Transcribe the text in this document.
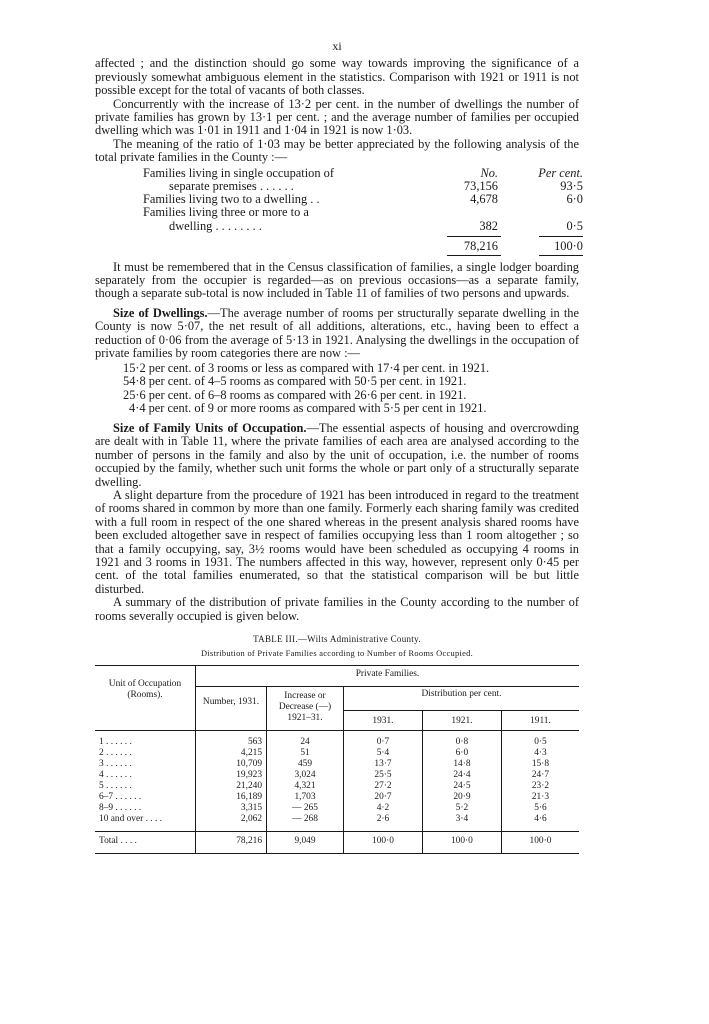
xi

affected ; and the distinction should go some way towards improving the significance of a previously somewhat ambiguous element in the statistics. Comparison with 1921 or 1911 is not possible except for the total of vacants of both classes.

Concurrently with the increase of 13·2 per cent. in the number of dwellings the number of private families has grown by 13·1 per cent. ; and the average number of families per occupied dwelling which was 1·01 in 1911 and 1·04 in 1921 is now 1·03.

The meaning of the ratio of 1·03 may be better appreciated by the following analysis of the total private families in the County :—

Families living in single occupation of	No.	Per cent.
separate premises . . . . . .	73,156	93·5
Families living two to a dwelling . .	4,678	6·0
Families living three or more to a
dwelling . . . . . . . .	382	0·5
78,216	100·0

It must be remembered that in the Census classification of families, a single lodger boarding separately from the occupier is regarded—as on previous occasions—as a separate family, though a separate sub-total is now included in Table 11 of families of two persons and upwards.

Size of Dwellings.—The average number of rooms per structurally separate dwelling in the County is now 5·07, the net result of all additions, alterations, etc., having been to effect a reduction of 0·06 from the average of 5·13 in 1921. Analysing the dwellings in the occupation of private families by room categories there are now :—

15·2 per cent. of 3 rooms or less as compared with 17·4 per cent. in 1921.
54·8 per cent. of 4–5 rooms as compared with 50·5 per cent. in 1921.
25·6 per cent. of 6–8 rooms as compared with 26·6 per cent. in 1921.
4·4 per cent. of 9 or more rooms as compared with 5·5 per cent in 1921.

Size of Family Units of Occupation.—The essential aspects of housing and overcrowding are dealt with in Table 11, where the private families of each area are analysed according to the number of persons in the family and also by the unit of occupation, i.e. the number of rooms occupied by the family, whether such unit forms the whole or part only of a structurally separate dwelling.

A slight departure from the procedure of 1921 has been introduced in regard to the treatment of rooms shared in common by more than one family. Formerly each sharing family was credited with a full room in respect of the one shared whereas in the present analysis shared rooms have been excluded altogether save in respect of families occupying less than 1 room altogether ; so that a family occupying, say, 3½ rooms would have been scheduled as occupying 4 rooms in 1921 and 3 rooms in 1931. The numbers affected in this way, however, represent only 0·45 per cent. of the total families enumerated, so that the statistical comparison will be but little disturbed.

A summary of the distribution of private families in the County according to the number of rooms severally occupied is given below.

TABLE III.—Wilts Administrative County.
Distribution of Private Families according to Number of Rooms Occupied.
Unit of Occupation (Rooms).	Private Families.				
	Number, 1931.	Increase or Decrease (—) 1921–31.	Distribution per cent.		
			1931.	1921.	1911.

1 . . . . . .	563	24	0·7	0·8	0·5
2 . . . . . .	4,215	51	5·4	6·0	4·3
3 . . . . . .	10,709	459	13·7	14·8	15·8
4 . . . . . .	19,923	3,024	25·5	24·4	24·7
5 . . . . . .	21,240	4,321	27·2	24·5	23·2
6–7 . . . . . .	16,189	1,703	20·7	20·9	21·3
8–9 . . . . . .	3,315	— 265	4·2	5·2	5·6
10 and over . . . .	2,062	— 268	2·6	3·4	4·6

Total . . . .	78,216	9,049	100·0	100·0	100·0
